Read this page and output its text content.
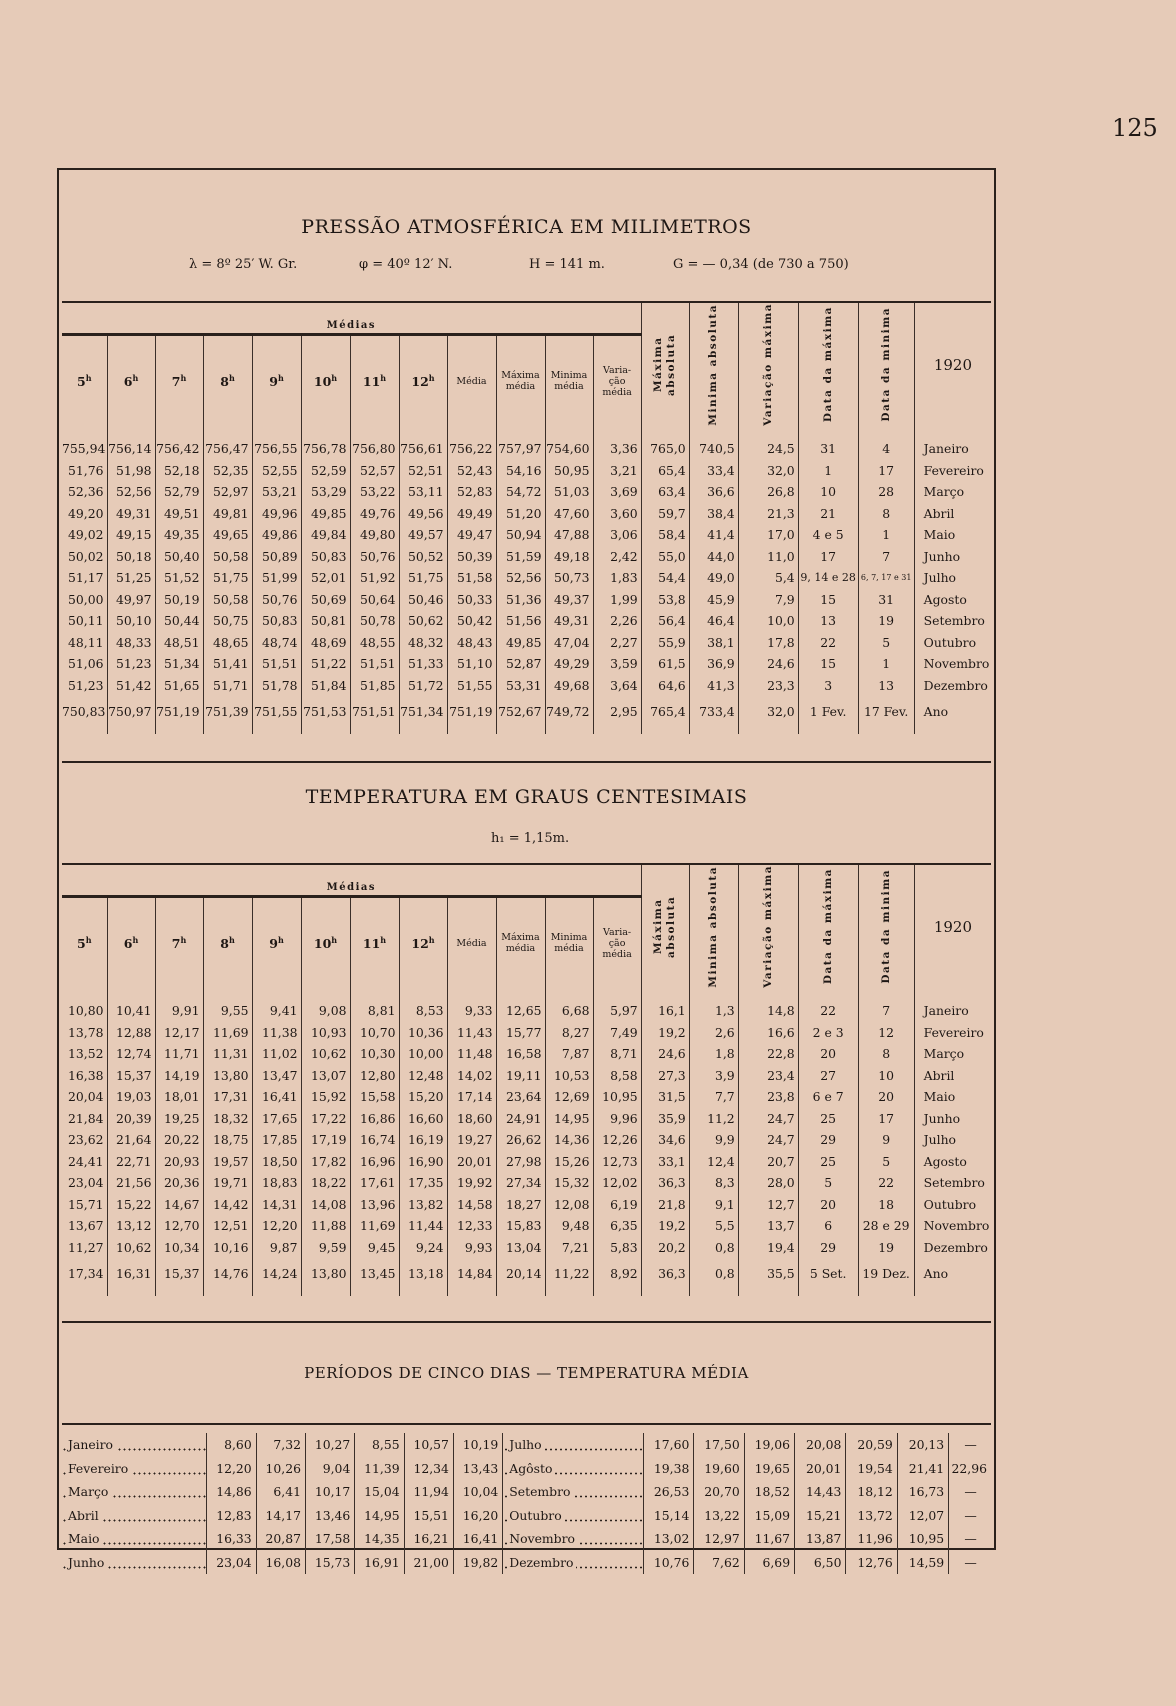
125
PRESSÃO ATMOSFÉRICA EM MILIMETROS
λ = 8º 25′ W. Gr.	φ = 40º 12′ N.	H = 141 m.	G = — 0,34 (de 730 a 750)
Médias												Máxima absoluta	Minima absoluta	Variação máxima	Data da máxima	Data da minima	1920
5$^h$	6$^h$	7$^h$	8$^h$	9$^h$	10$^h$	11$^h$	12$^h$	Média	Máxima média	Minima média	Varia- ção média						
755,94	756,14	756,42	756,47	756,55	756,78	756,80	756,61	756,22	757,97	754,60	3,36	765,0	740,5	24,5	31	4	Janeiro
51,76	51,98	52,18	52,35	52,55	52,59	52,57	52,51	52,43	54,16	50,95	3,21	65,4	33,4	32,0	1	17	Fevereiro
52,36	52,56	52,79	52,97	53,21	53,29	53,22	53,11	52,83	54,72	51,03	3,69	63,4	36,6	26,8	10	28	Março
49,20	49,31	49,51	49,81	49,96	49,85	49,76	49,56	49,49	51,20	47,60	3,60	59,7	38,4	21,3	21	8	Abril
49,02	49,15	49,35	49,65	49,86	49,84	49,80	49,57	49,47	50,94	47,88	3,06	58,4	41,4	17,0	4 e 5	1	Maio
50,02	50,18	50,40	50,58	50,89	50,83	50,76	50,52	50,39	51,59	49,18	2,42	55,0	44,0	11,0	17	7	Junho
51,17	51,25	51,52	51,75	51,99	52,01	51,92	51,75	51,58	52,56	50,73	1,83	54,4	49,0	5,4	9, 14 e 28	6, 7, 17 e 31	Julho
50,00	49,97	50,19	50,58	50,76	50,69	50,64	50,46	50,33	51,36	49,37	1,99	53,8	45,9	7,9	15	31	Agosto
50,11	50,10	50,44	50,75	50,83	50,81	50,78	50,62	50,42	51,56	49,31	2,26	56,4	46,4	10,0	13	19	Setembro
48,11	48,33	48,51	48,65	48,74	48,69	48,55	48,32	48,43	49,85	47,04	2,27	55,9	38,1	17,8	22	5	Outubro
51,06	51,23	51,34	51,41	51,51	51,22	51,51	51,33	51,10	52,87	49,29	3,59	61,5	36,9	24,6	15	1	Novembro
51,23	51,42	51,65	51,71	51,78	51,84	51,85	51,72	51,55	53,31	49,68	3,64	64,6	41,3	23,3	3	13	Dezembro
750,83	750,97	751,19	751,39	751,55	751,53	751,51	751,34	751,19	752,67	749,72	2,95	765,4	733,4	32,0	1 Fev.	17 Fev.	Ano

TEMPERATURA EM GRAUS CENTESIMAIS
h₁ = 1,15m.
Médias												Máxima absoluta	Minima absoluta	Variação máxima	Data da máxima	Data da minima	1920
5$^h$	6$^h$	7$^h$	8$^h$	9$^h$	10$^h$	11$^h$	12$^h$	Média	Máxima média	Minima média	Varia- ção média						
10,80	10,41	9,91	9,55	9,41	9,08	8,81	8,53	9,33	12,65	6,68	5,97	16,1	1,3	14,8	22	7	Janeiro
13,78	12,88	12,17	11,69	11,38	10,93	10,70	10,36	11,43	15,77	8,27	7,49	19,2	2,6	16,6	2 e 3	12	Fevereiro
13,52	12,74	11,71	11,31	11,02	10,62	10,30	10,00	11,48	16,58	7,87	8,71	24,6	1,8	22,8	20	8	Março
16,38	15,37	14,19	13,80	13,47	13,07	12,80	12,48	14,02	19,11	10,53	8,58	27,3	3,9	23,4	27	10	Abril
20,04	19,03	18,01	17,31	16,41	15,92	15,58	15,20	17,14	23,64	12,69	10,95	31,5	7,7	23,8	6 e 7	20	Maio
21,84	20,39	19,25	18,32	17,65	17,22	16,86	16,60	18,60	24,91	14,95	9,96	35,9	11,2	24,7	25	17	Junho
23,62	21,64	20,22	18,75	17,85	17,19	16,74	16,19	19,27	26,62	14,36	12,26	34,6	9,9	24,7	29	9	Julho
24,41	22,71	20,93	19,57	18,50	17,82	16,96	16,90	20,01	27,98	15,26	12,73	33,1	12,4	20,7	25	5	Agosto
23,04	21,56	20,36	19,71	18,83	18,22	17,61	17,35	19,92	27,34	15,32	12,02	36,3	8,3	28,0	5	22	Setembro
15,71	15,22	14,67	14,42	14,31	14,08	13,96	13,82	14,58	18,27	12,08	6,19	21,8	9,1	12,7	20	18	Outubro
13,67	13,12	12,70	12,51	12,20	11,88	11,69	11,44	12,33	15,83	9,48	6,35	19,2	5,5	13,7	6	28 e 29	Novembro
11,27	10,62	10,34	10,16	9,87	9,59	9,45	9,24	9,93	13,04	7,21	5,83	20,2	0,8	19,4	29	19	Dezembro
17,34	16,31	15,37	14,76	14,24	13,80	13,45	13,18	14,84	20,14	11,22	8,92	36,3	0,8	35,5	5 Set.	19 Dez.	Ano

PERÍODOS DE CINCO DIAS — TEMPERATURA MÉDIA
Janeiro	8,60	7,32	10,27	8,55	10,57	10,19	Julho	17,60	17,50	19,06	20,08	20,59	20,13	—
Fevereiro	12,20	10,26	9,04	11,39	12,34	13,43	Agôsto	19,38	19,60	19,65	20,01	19,54	21,41	22,96
Março	14,86	6,41	10,17	15,04	11,94	10,04	Setembro	26,53	20,70	18,52	14,43	18,12	16,73	—
Abril	12,83	14,17	13,46	14,95	15,51	16,20	Outubro	15,14	13,22	15,09	15,21	13,72	12,07	—
Maio	16,33	20,87	17,58	14,35	16,21	16,41	Novembro	13,02	12,97	11,67	13,87	11,96	10,95	—
Junho	23,04	16,08	15,73	16,91	21,00	19,82	Dezembro	10,76	7,62	6,69	6,50	12,76	14,59	—
